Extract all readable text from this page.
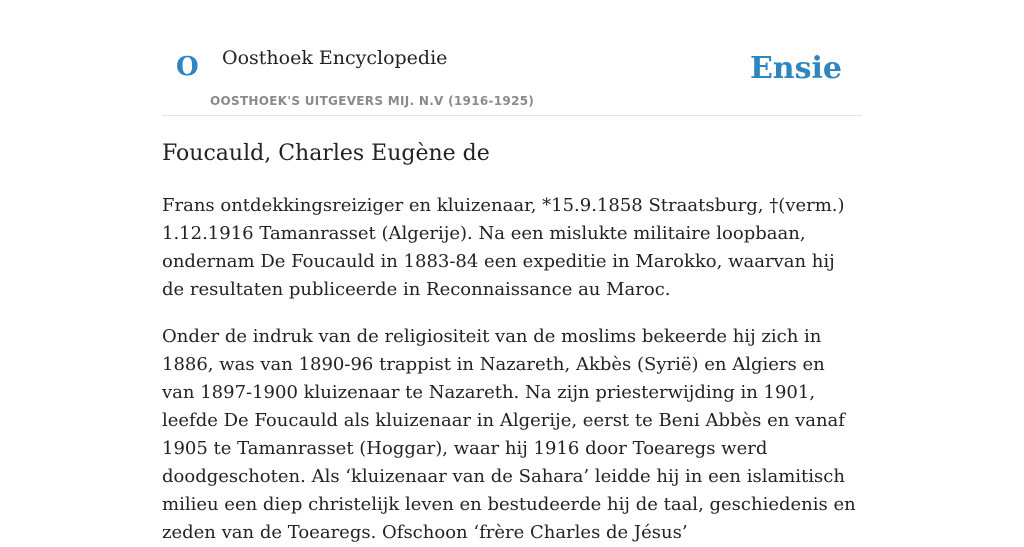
O Oosthoek Encyclopedie
OOSTHOEK'S UITGEVERS MIJ. N.V (1916-1925)
Ensie
Foucauld, Charles Eugène de

Frans ontdekkingsreiziger en kluizenaar, *15.9.1858 Straatsburg, †(verm.) 1.12.1916 Tamanrasset (Algerije). Na een mislukte militaire loopbaan, ondernam De Foucauld in 1883-84 een expeditie in Marokko, waarvan hij de resultaten publiceerde in Reconnaissance au Maroc.

Onder de indruk van de religiositeit van de moslims bekeerde hij zich in 1886, was van 1890-96 trappist in Nazareth, Akbès (Syrië) en Algiers en van 1897-1900 kluizenaar te Nazareth. Na zijn priesterwijding in 1901, leefde De Foucauld als kluizenaar in Algerije, eerst te Beni Abbès en vanaf 1905 te Tamanrasset (Hoggar), waar hij 1916 door Toearegs werd doodgeschoten. Als ‘kluizenaar van de Sahara’ leidde hij in een islamitisch milieu een diep christelijk leven en bestudeerde hij de taal, geschiedenis en zeden van de Toearegs. Ofschoon ‘frère Charles de Jésus’
